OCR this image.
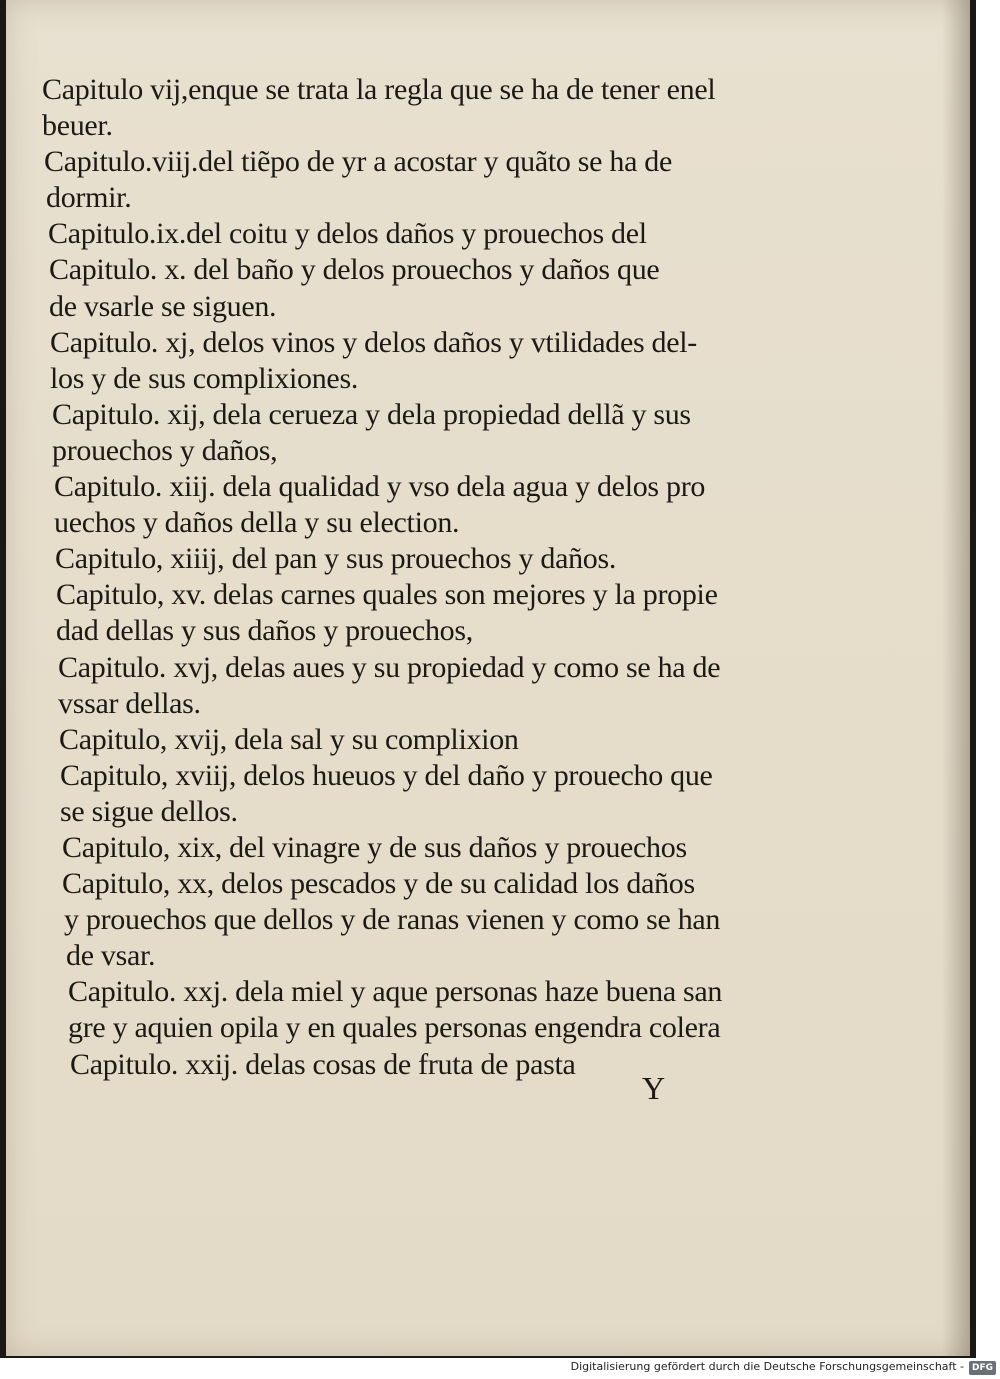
Capitulo vij,enque se trata la regla que se ha de tener enel
beuer.
Capitulo.viij.del tiẽpo de yr a acostar y quãto se ha de
dormir.
Capitulo.ix.del coitu y delos daños y prouechos del
Capitulo. x. del baño y delos prouechos y daños que
de vsarle se siguen.
Capitulo. xj, delos vinos y delos daños y vtilidades del-
los y de sus complixiones.
Capitulo. xij, dela cerueza y dela propiedad dellã y sus
prouechos y daños,
Capitulo. xiij. dela qualidad y vso dela agua y delos pro
uechos y daños della y su election.
Capitulo, xiiij, del pan y sus prouechos y daños.
Capitulo, xv. delas carnes quales son mejores y la propie
dad dellas y sus daños y prouechos,
Capitulo. xvj, delas aues y su propiedad y como se ha de
vssar dellas.
Capitulo, xvij, dela sal y su complixion
Capitulo, xviij, delos hueuos y del daño y prouecho que
se sigue dellos.
Capitulo, xix, del vinagre y de sus daños y prouechos
Capitulo, xx, delos pescados y de su calidad los daños
y prouechos que dellos y de ranas vienen y como se han
de vsar.
Capitulo. xxj. dela miel y aque personas haze buena san
gre y aquien opila y en quales personas engendra colera
Capitulo. xxij. delas cosas de fruta de pasta
Y
Digitalisierung gefördert durch die Deutsche Forschungsgemeinschaft - DFG
